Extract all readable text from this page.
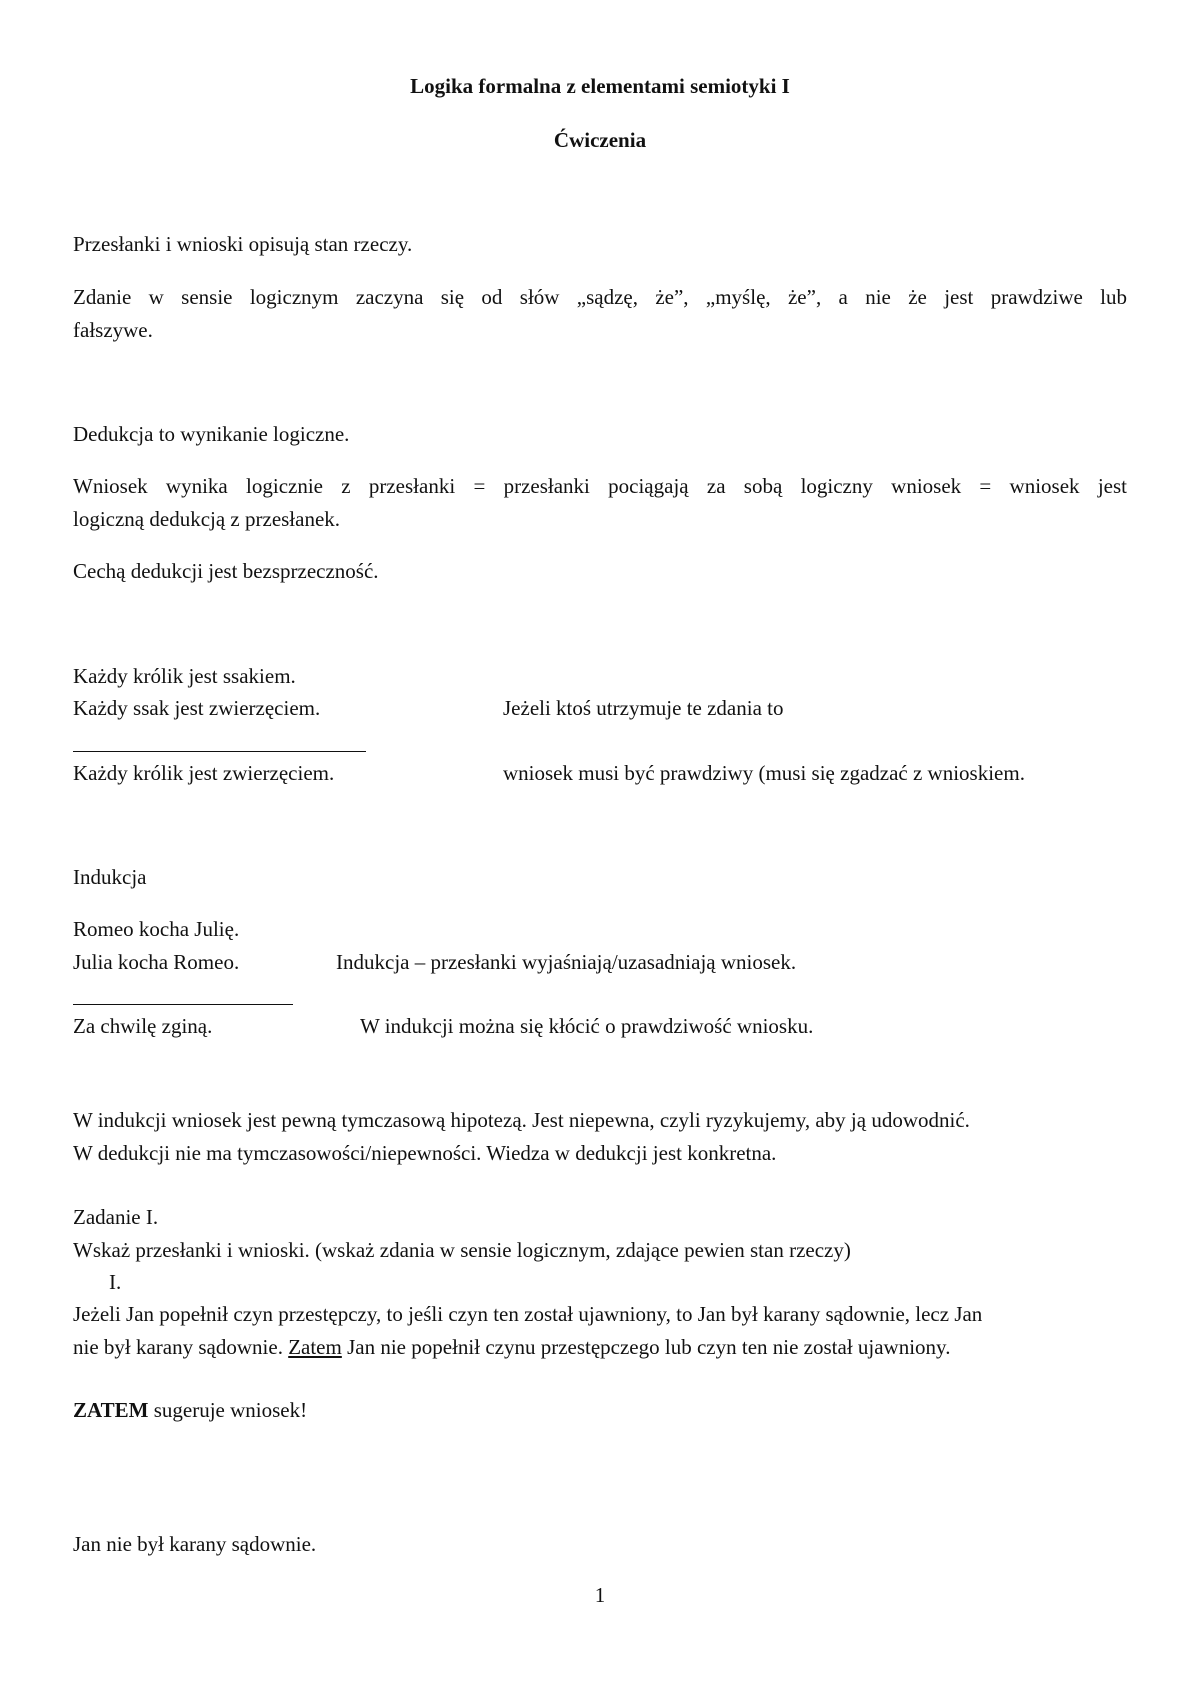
Logika formalna z elementami semiotyki I
Ćwiczenia
Przesłanki i wnioski opisują stan rzeczy.
Zdanie w sensie logicznym zaczyna się od słów „sądzę, że”, „myślę, że”, a nie że jest prawdziwe lub
fałszywe.
Dedukcja to wynikanie logiczne.
Wniosek wynika logicznie z przesłanki = przesłanki pociągają za sobą logiczny wniosek = wniosek jest
logiczną dedukcją z przesłanek.
Cechą dedukcji jest bezsprzeczność.
Każdy królik jest ssakiem.
Każdy ssak jest zwierzęciem.	Jeżeli ktoś utrzymuje te zdania to
Każdy królik jest zwierzęciem.	wniosek musi być prawdziwy (musi się zgadzać z wnioskiem.
Indukcja
Romeo kocha Julię.
Julia kocha Romeo.	Indukcja – przesłanki wyjaśniają/uzasadniają wniosek.
Za chwilę zginą.	W indukcji można się kłócić o prawdziwość wniosku.
W indukcji wniosek jest pewną tymczasową hipotezą. Jest niepewna, czyli ryzykujemy, aby ją udowodnić.
W dedukcji nie ma tymczasowości/niepewności. Wiedza w dedukcji jest konkretna.
Zadanie I.
Wskaż przesłanki i wnioski. (wskaż zdania w sensie logicznym, zdające pewien stan rzeczy)
I.
Jeżeli Jan popełnił czyn przestępczy, to jeśli czyn ten został ujawniony, to Jan był karany sądownie, lecz Jan
nie był karany sądownie. Zatem Jan nie popełnił czynu przestępczego lub czyn ten nie został ujawniony.
ZATEM sugeruje wniosek!
Jan nie był karany sądownie.
1
